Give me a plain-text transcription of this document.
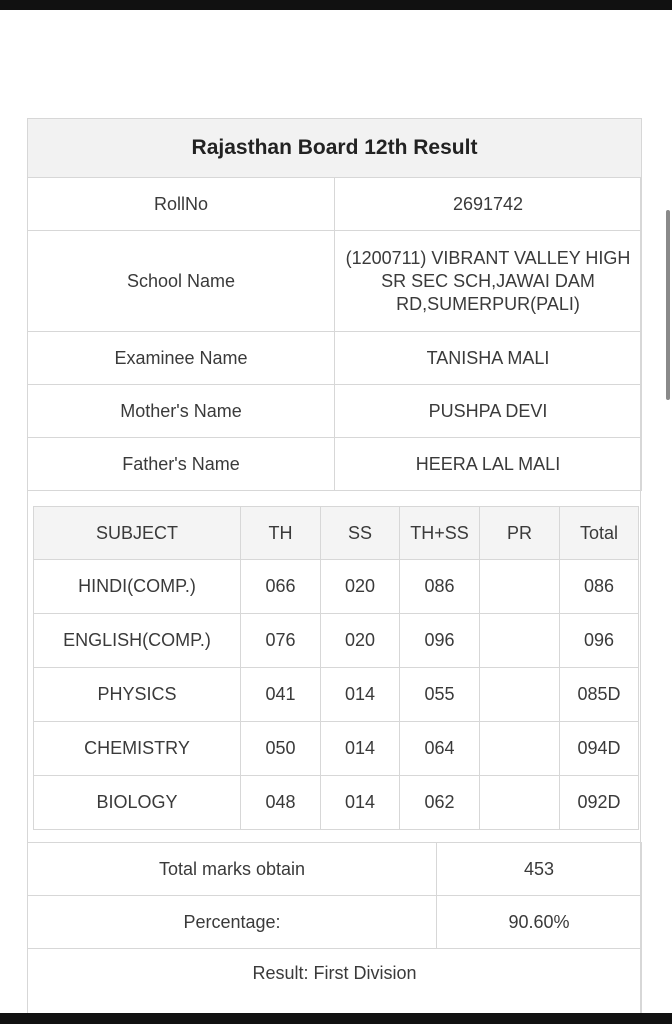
Rajasthan Board 12th Result	
RollNo	2691742
School Name	(1200711) VIBRANT VALLEY HIGH SR SEC SCH,JAWAI DAM RD,SUMERPUR(PALI)
Examinee Name	TANISHA MALI
Mother's Name	PUSHPA DEVI
Father's Name	HEERA LAL MALI
SUBJECT	TH	SS	TH+SS	PR	Total
HINDI(COMP.)	066	020	086		086
ENGLISH(COMP.)	076	020	096		096
PHYSICS	041	014	055		085D
CHEMISTRY	050	014	064		094D
BIOLOGY	048	014	062		092D
Total marks obtain	453
Percentage:	90.60%
Result: First Division	
